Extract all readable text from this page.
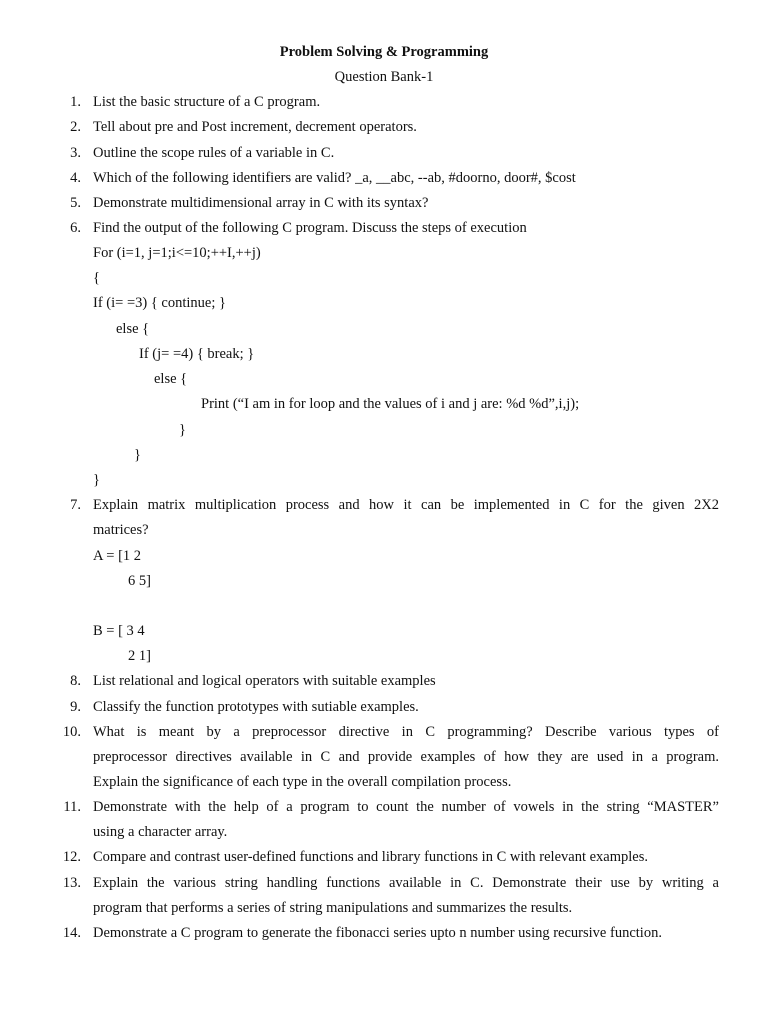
Problem Solving & Programming
Question Bank-1
1. List the basic structure of a C program.
2. Tell about pre and Post increment, decrement operators.
3. Outline the scope rules of a variable in C.
4. Which of the following identifiers are valid? _a, __abc, --ab, #doorno, door#, $cost
5. Demonstrate multidimensional array in C with its syntax?
6. Find the output of the following C program. Discuss the steps of execution
For (i=1, j=1;i<=10;++I,++j)
{
If (i= =3) { continue; }
else {
If (j= =4) { break; }
else {
Print (“I am in for loop and the values of i and j are: %d %d”,i,j);
}
}
}
7. Explain matrix multiplication process and how it can be implemented in C for the given 2X2
matrices?
A = [1 2
6 5]
B = [ 3 4
2 1]
8. List relational and logical operators with suitable examples
9. Classify the function prototypes with sutiable examples.
10. What is meant by a preprocessor directive in C programming? Describe various types of
preprocessor directives available in C and provide examples of how they are used in a program.
Explain the significance of each type in the overall compilation process.
11. Demonstrate with the help of a program to count the number of vowels in the string “MASTER”
using a character array.
12. Compare and contrast user-defined functions and library functions in C with relevant examples.
13. Explain the various string handling functions available in C. Demonstrate their use by writing a
program that performs a series of string manipulations and summarizes the results.
14. Demonstrate a C program to generate the fibonacci series upto n number using recursive function.
